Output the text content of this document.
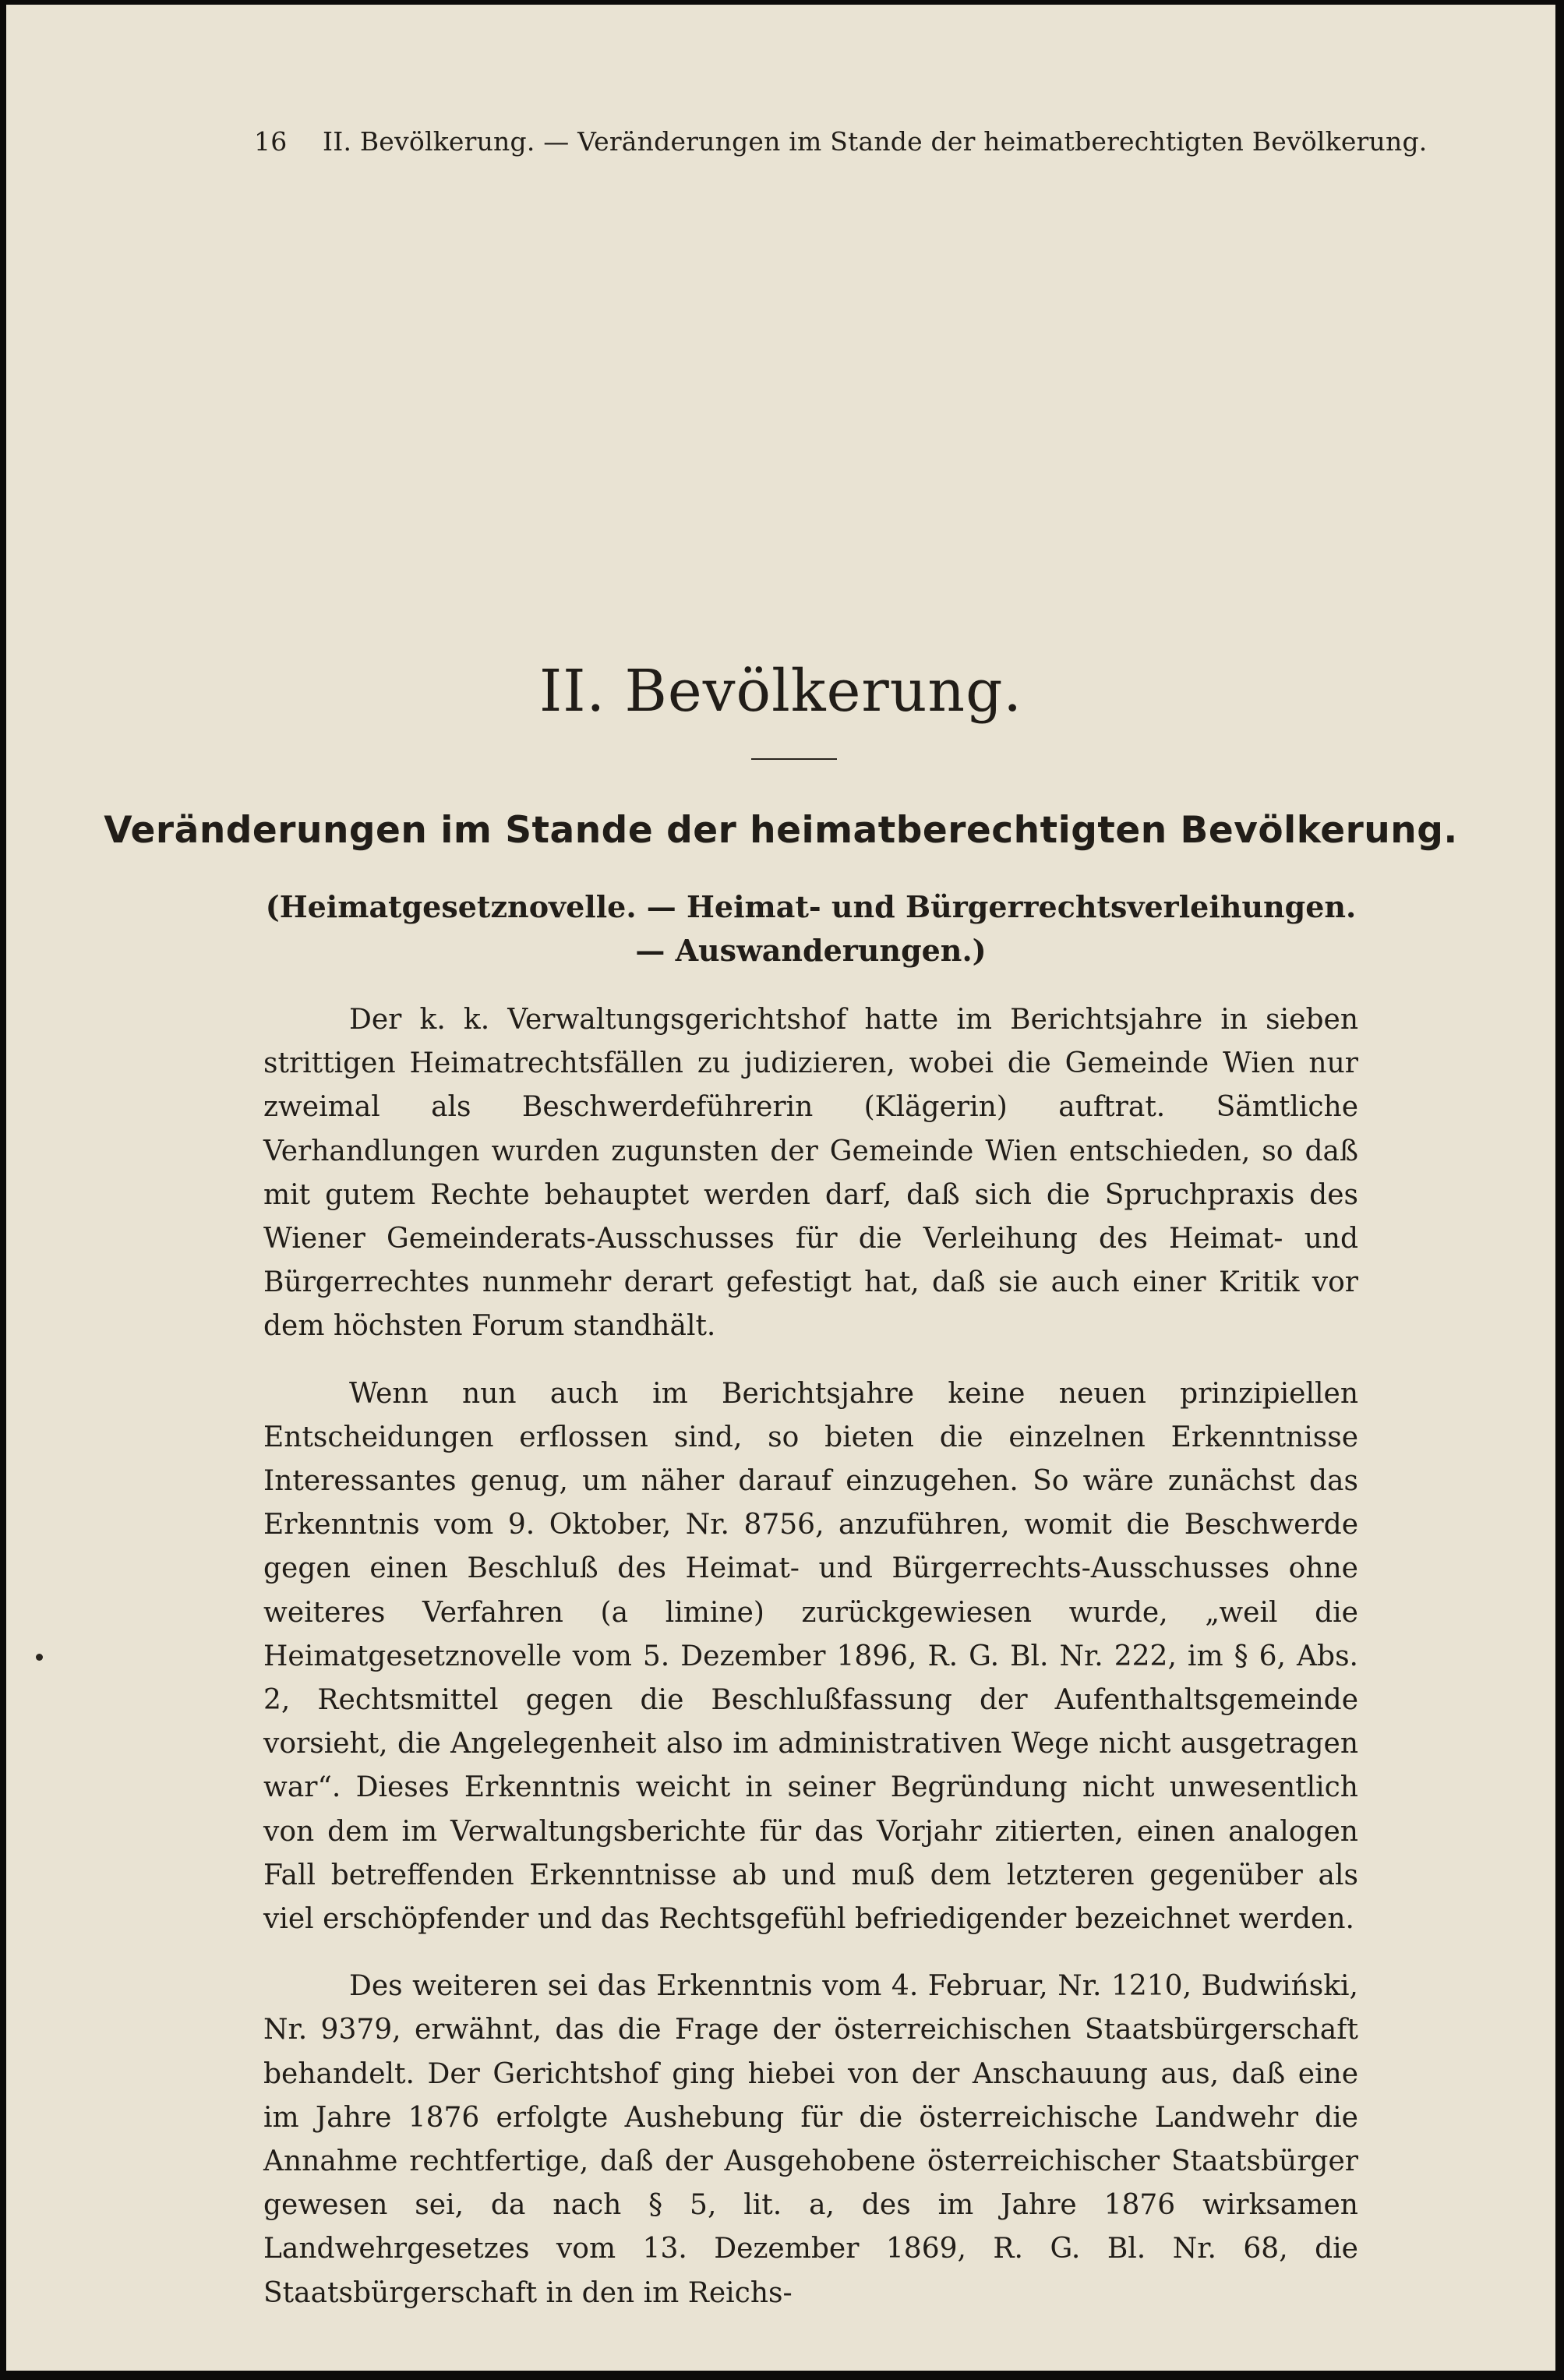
16 II. Bevölkerung. — Veränderungen im Stande der heimatberechtigten Bevölkerung.
II. Bevölkerung.
Veränderungen im Stande der heimatberechtigten Bevölkerung.
(Heimatgesetznovelle. — Heimat- und Bürgerrechtsverleihungen. — Auswanderungen.)

Der k. k. Verwaltungsgerichtshof hatte im Berichtsjahre in sieben strittigen Heimatrechtsfällen zu judizieren, wobei die Gemeinde Wien nur zweimal als Beschwerdeführerin (Klägerin) auftrat. Sämtliche Verhandlungen wurden zugunsten der Gemeinde Wien entschieden, so daß mit gutem Rechte behauptet werden darf, daß sich die Spruchpraxis des Wiener Gemeinderats-Ausschusses für die Verleihung des Heimat- und Bürgerrechtes nunmehr derart gefestigt hat, daß sie auch einer Kritik vor dem höchsten Forum standhält.

Wenn nun auch im Berichtsjahre keine neuen prinzipiellen Entscheidungen erflossen sind, so bieten die einzelnen Erkenntnisse Interessantes genug, um näher darauf einzugehen. So wäre zunächst das Erkenntnis vom 9. Oktober, Nr. 8756, anzuführen, womit die Beschwerde gegen einen Beschluß des Heimat- und Bürgerrechts-Ausschusses ohne weiteres Verfahren (a limine) zurückgewiesen wurde, „weil die Heimatgesetznovelle vom 5. Dezember 1896, R. G. Bl. Nr. 222, im § 6, Abs. 2, Rechtsmittel gegen die Beschlußfassung der Aufenthaltsgemeinde vorsieht, die Angelegenheit also im administrativen Wege nicht ausgetragen war“. Dieses Erkenntnis weicht in seiner Begründung nicht unwesentlich von dem im Verwaltungsberichte für das Vorjahr zitierten, einen analogen Fall betreffenden Erkenntnisse ab und muß dem letzteren gegenüber als viel erschöpfender und das Rechtsgefühl befriedigender bezeichnet werden.

Des weiteren sei das Erkenntnis vom 4. Februar, Nr. 1210, Budwiński, Nr. 9379, erwähnt, das die Frage der österreichischen Staatsbürgerschaft behandelt. Der Gerichtshof ging hiebei von der Anschauung aus, daß eine im Jahre 1876 erfolgte Aushebung für die österreichische Landwehr die Annahme rechtfertige, daß der Ausgehobene österreichischer Staatsbürger gewesen sei, da nach § 5, lit. a, des im Jahre 1876 wirksamen Landwehrgesetzes vom 13. Dezember 1869, R. G. Bl. Nr. 68, die Staatsbürgerschaft in den im Reichs-
